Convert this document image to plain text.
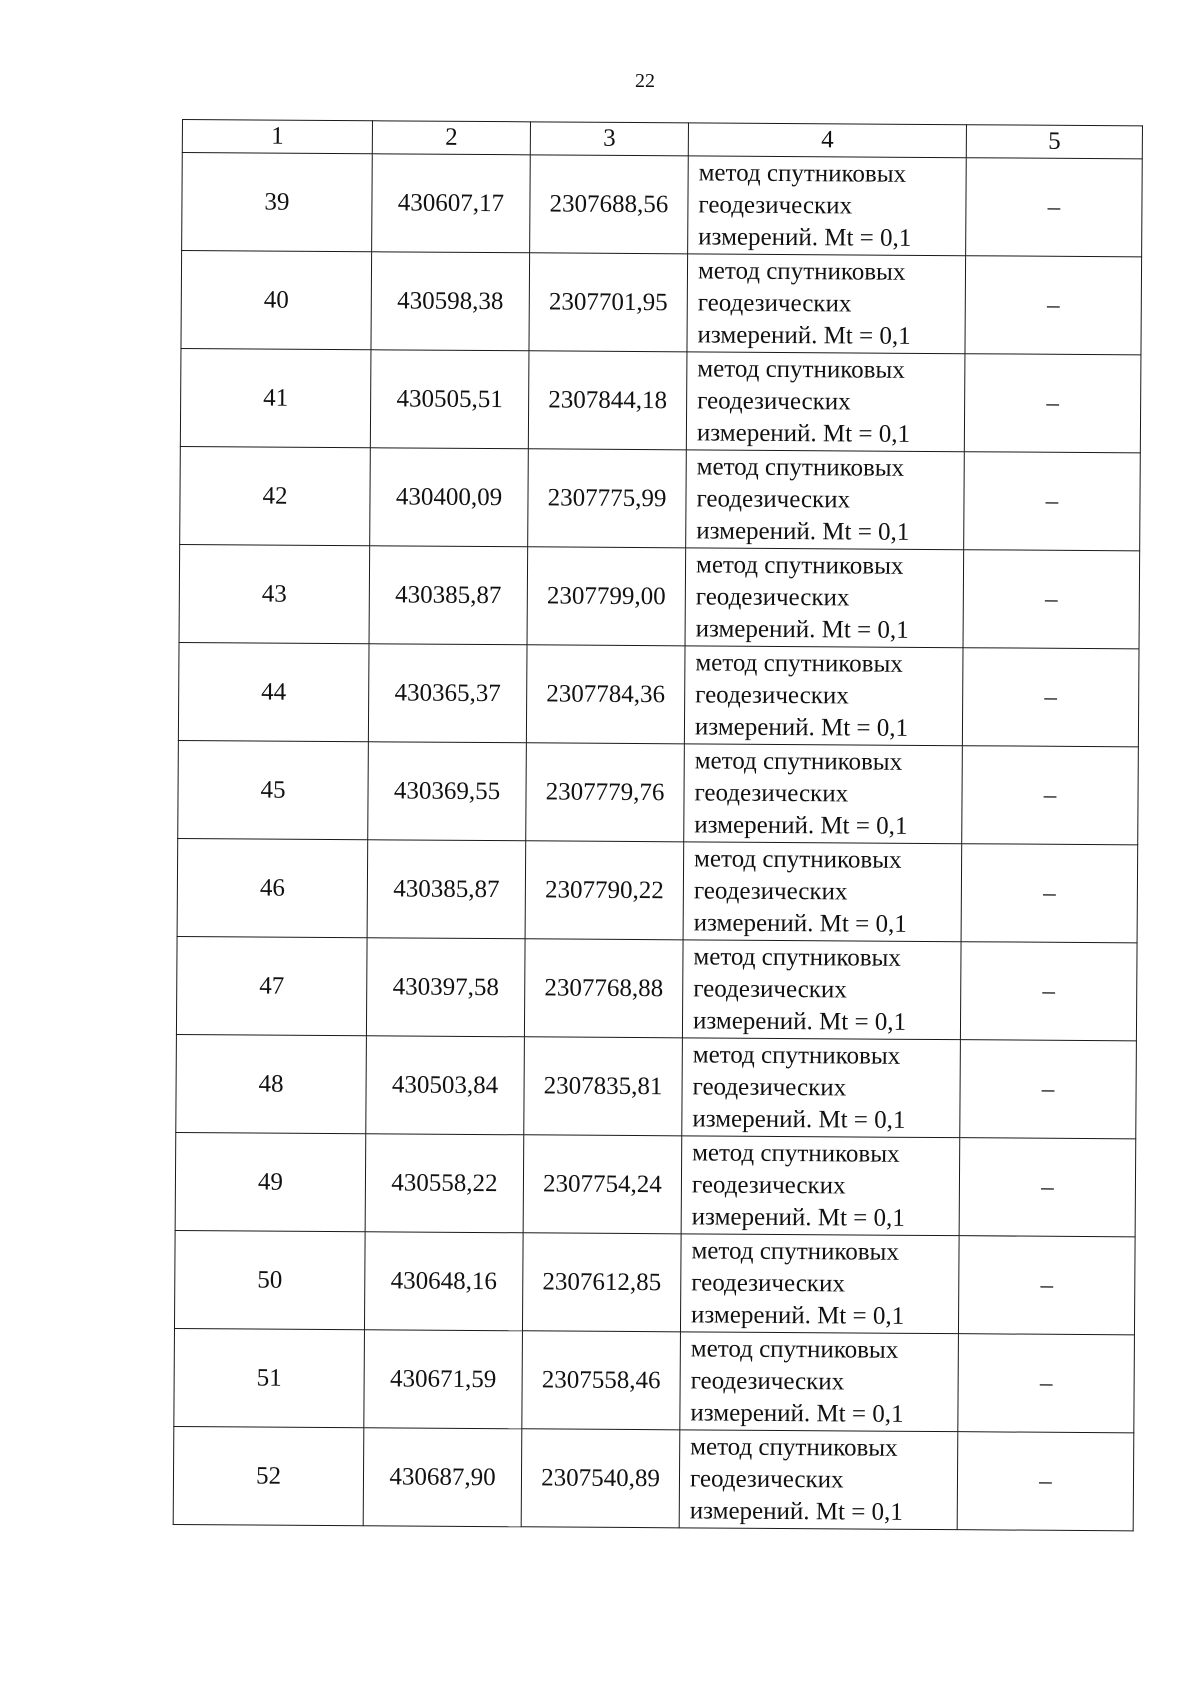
22
1	2	3	4	5
39	430607,17	2307688,56	метод спутниковых
геодезических
измерений. Mt = 0,1	–
40	430598,38	2307701,95	метод спутниковых
геодезических
измерений. Mt = 0,1	–
41	430505,51	2307844,18	метод спутниковых
геодезических
измерений. Mt = 0,1	–
42	430400,09	2307775,99	метод спутниковых
геодезических
измерений. Mt = 0,1	–
43	430385,87	2307799,00	метод спутниковых
геодезических
измерений. Mt = 0,1	–
44	430365,37	2307784,36	метод спутниковых
геодезических
измерений. Mt = 0,1	–
45	430369,55	2307779,76	метод спутниковых
геодезических
измерений. Mt = 0,1	–
46	430385,87	2307790,22	метод спутниковых
геодезических
измерений. Mt = 0,1	–
47	430397,58	2307768,88	метод спутниковых
геодезических
измерений. Mt = 0,1	–
48	430503,84	2307835,81	метод спутниковых
геодезических
измерений. Mt = 0,1	–
49	430558,22	2307754,24	метод спутниковых
геодезических
измерений. Mt = 0,1	–
50	430648,16	2307612,85	метод спутниковых
геодезических
измерений. Mt = 0,1	–
51	430671,59	2307558,46	метод спутниковых
геодезических
измерений. Mt = 0,1	–
52	430687,90	2307540,89	метод спутниковых
геодезических
измерений. Mt = 0,1	–
